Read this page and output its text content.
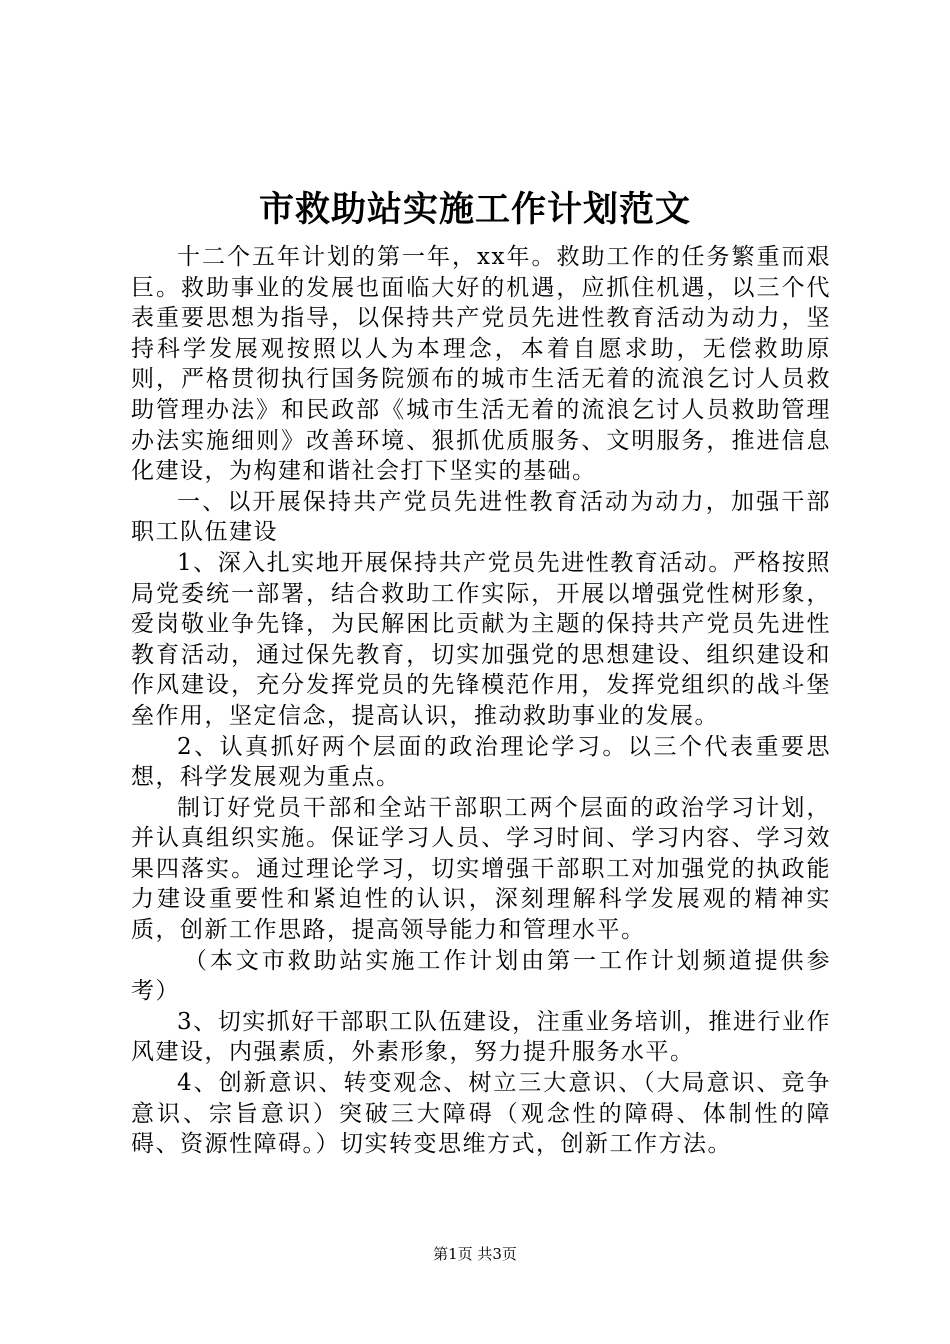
市救助站实施工作计划范文

十二个五年计划的第一年，xx年。救助工作的任务繁重而艰巨。救助事业的发展也面临大好的机遇，应抓住机遇，以三个代表重要思想为指导，以保持共产党员先进性教育活动为动力，坚持科学发展观按照以人为本理念，本着自愿求助，无偿救助原则，严格贯彻执行国务院颁布的城市生活无着的流浪乞讨人员救助管理办法》和民政部《城市生活无着的流浪乞讨人员救助管理办法实施细则》改善环境、狠抓优质服务、文明服务，推进信息化建设，为构建和谐社会打下坚实的基础。

一、以开展保持共产党员先进性教育活动为动力，加强干部职工队伍建设

1、深入扎实地开展保持共产党员先进性教育活动。严格按照局党委统一部署，结合救助工作实际，开展以增强党性树形象，爱岗敬业争先锋，为民解困比贡献为主题的保持共产党员先进性教育活动，通过保先教育，切实加强党的思想建设、组织建设和作风建设，充分发挥党员的先锋模范作用，发挥党组织的战斗堡垒作用，坚定信念，提高认识，推动救助事业的发展。

2、认真抓好两个层面的政治理论学习。以三个代表重要思想，科学发展观为重点。

制订好党员干部和全站干部职工两个层面的政治学习计划，并认真组织实施。保证学习人员、学习时间、学习内容、学习效果四落实。通过理论学习，切实增强干部职工对加强党的执政能力建设重要性和紧迫性的认识，深刻理解科学发展观的精神实质，创新工作思路，提高领导能力和管理水平。

（本文市救助站实施工作计划由第一工作计划频道提供参考）

3、切实抓好干部职工队伍建设，注重业务培训，推进行业作风建设，内强素质，外素形象，努力提升服务水平。

4、创新意识、转变观念、树立三大意识、（大局意识、竞争意识、宗旨意识）突破三大障碍（观念性的障碍、体制性的障碍、资源性障碍。）切实转变思维方式，创新工作方法。

第1页 共3页
